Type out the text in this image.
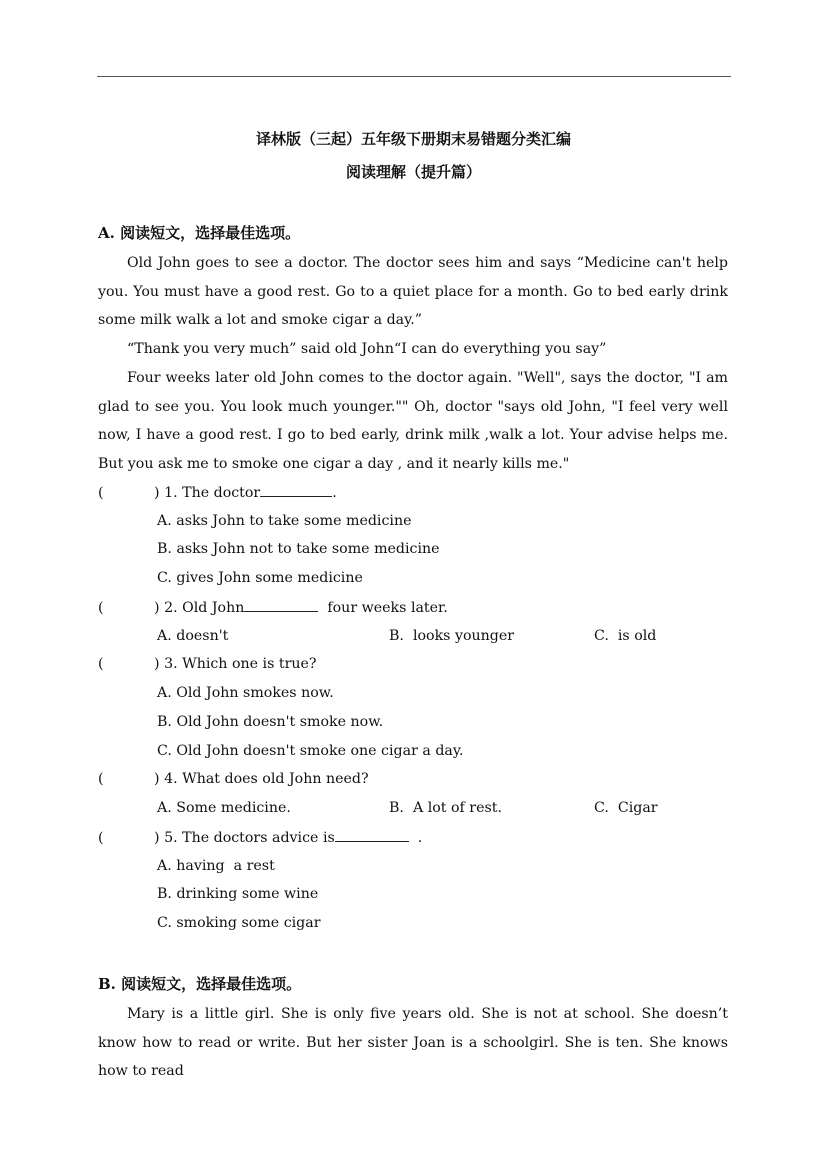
译林版（三起）五年级下册期末易错题分类汇编
阅读理解（提升篇）
A. 阅读短文，选择最佳选项。

Old John goes to see a doctor. The doctor sees him and says “Medicine can't help you. You must have a good rest. Go to a quiet place for a month. Go to bed early drink some milk walk a lot and smoke cigar a day.”

“Thank you very much” said old John“I can do everything you say”

Four weeks later old John comes to the doctor again. "Well", says the doctor, "I am glad to see you. You look much younger."" Oh, doctor "says old John, "I feel very well now, I have a good rest. I go to bed early, drink milk ,walk a lot. Your advise helps me. But you ask me to smoke one cigar a day , and it nearly kills me."

(	) 1. The doctor	.
A. asks John to take some medicine
B. asks John not to take some medicine
C. gives John some medicine
(	) 2. Old John	four weeks later.
A. doesn't	B.  looks younger	C.  is old
(	) 3. Which one is true?
A. Old John smokes now.
B. Old John doesn't smoke now.
C. Old John doesn't smoke one cigar a day.
(	) 4. What does old John need?
A. Some medicine.	B.  A lot of rest.	C.  Cigar
(	) 5. The doctors advice is	.
A. having  a rest
B. drinking some wine
C. smoking some cigar
B. 阅读短文，选择最佳选项。

Mary is a little girl. She is only five years old. She is not at school. She doesn’t know how to read or write. But her sister Joan is a schoolgirl. She is ten. She knows how to read
